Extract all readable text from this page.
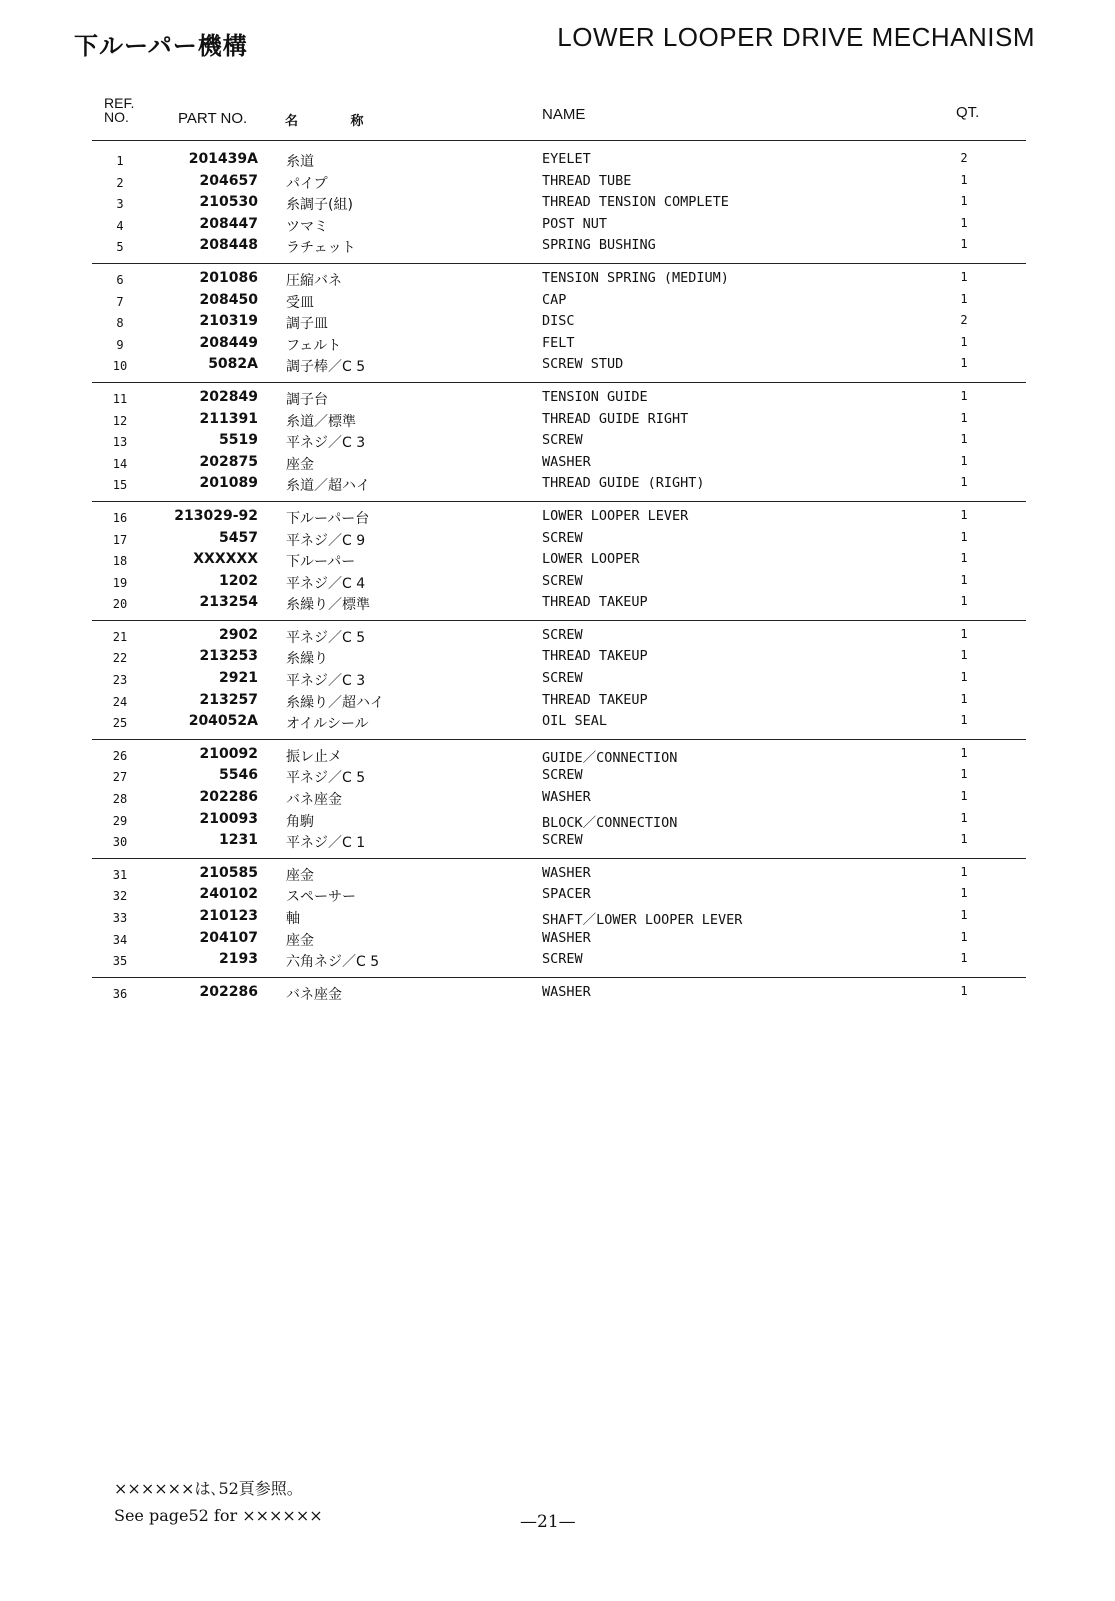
下ルーパー機構	LOWER LOOPER DRIVE MECHANISM
REF.
NO.	PART NO.	名 称	NAME	QT.
1	201439A 糸道	EYELET	2
2	204657 パイプ	THREAD TUBE	1
3	210530 糸調子(組)	THREAD TENSION COMPLETE	1
4	208447 ツマミ	POST NUT	1
5	208448 ラチェット	SPRING BUSHING	1
6	201086 圧縮バネ	TENSION SPRING (MEDIUM)	1
7	208450 受皿	CAP	1
8	210319 調子皿	DISC	2
9	208449 フェルト	FELT	1
10	5082A 調子棒／C 5	SCREW STUD	1
11	202849 調子台	TENSION GUIDE	1
12	211391 糸道／標準	THREAD GUIDE RIGHT	1
13	5519 平ネジ／C 3	SCREW	1
14	202875 座金	WASHER	1
15	201089 糸道／超ハイ	THREAD GUIDE (RIGHT)	1
16	213029-92 下ルーパー台	LOWER LOOPER LEVER	1
17	5457 平ネジ／C 9	SCREW	1
18	XXXXXX 下ルーパー	LOWER LOOPER	1
19	1202 平ネジ／C 4	SCREW	1
20	213254 糸繰り／標準	THREAD TAKEUP	1
21	2902 平ネジ／C 5	SCREW	1
22	213253 糸繰り	THREAD TAKEUP	1
23	2921 平ネジ／C 3	SCREW	1
24	213257 糸繰り／超ハイ	THREAD TAKEUP	1
25	204052A オイルシール	OIL SEAL	1
26	210092 振レ止メ	GUIDE／CONNECTION	1
27	5546 平ネジ／C 5	SCREW	1
28	202286 バネ座金	WASHER	1
29	210093 角駒	BLOCK／CONNECTION	1
30	1231 平ネジ／C 1	SCREW	1
31	210585 座金	WASHER	1
32	240102 スペーサー	SPACER	1
33	210123 軸	SHAFT／LOWER LOOPER LEVER	1
34	204107 座金	WASHER	1
35	2193 六角ネジ／C 5	SCREW	1
36	202286 バネ座金	WASHER	1
××××××は､52頁参照。
See page52 for ××××××	—21—
